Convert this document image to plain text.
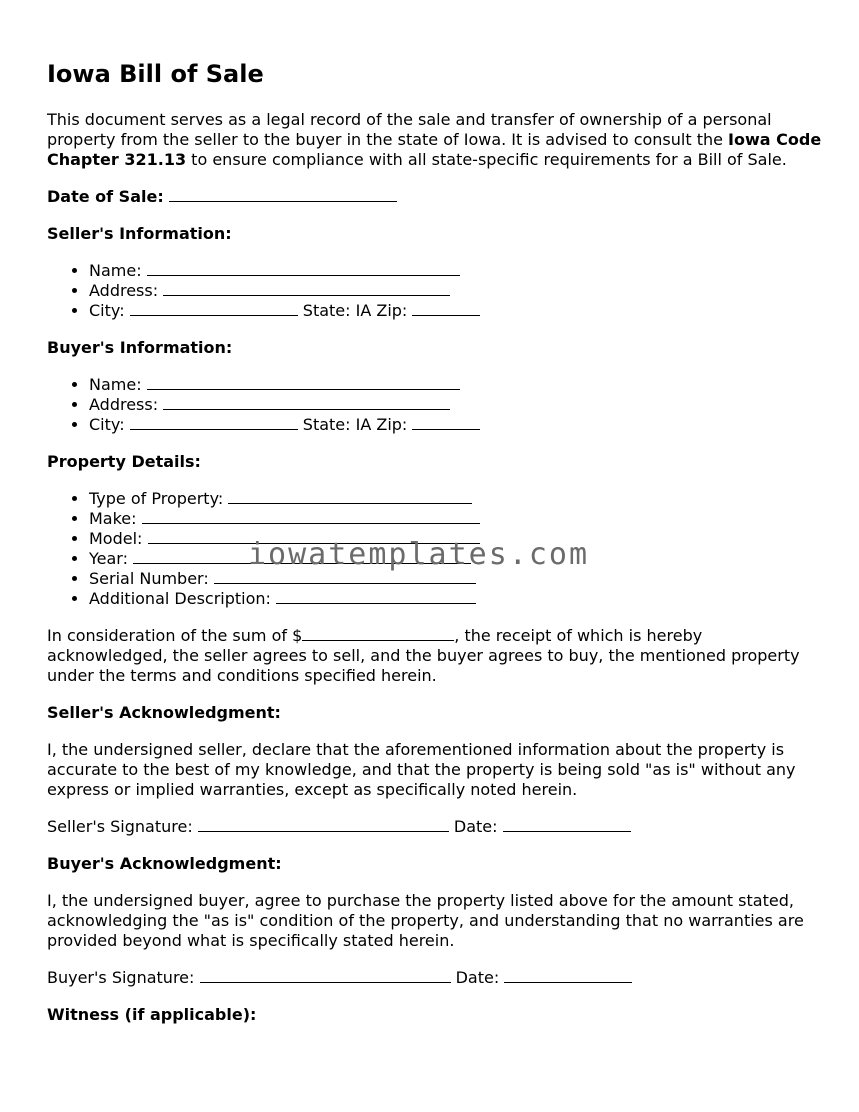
Iowa Bill of Sale

This document serves as a legal record of the sale and transfer of ownership of a personal property from the seller to the buyer in the state of Iowa. It is advised to consult the Iowa Code Chapter 321.13 to ensure compliance with all state-specific requirements for a Bill of Sale.

Date of Sale:

Seller's Information:

• Name:
• Address:
• City:	State: IA Zip:

Buyer's Information:

• Name:
• Address:
• City:	State: IA Zip:

Property Details:

• Type of Property:
• Make:
• Model:
• Year:
• Serial Number:
• Additional Description:

In consideration of the sum of $	, the receipt of which is hereby acknowledged, the seller agrees to sell, and the buyer agrees to buy, the mentioned property under the terms and conditions specified herein.

Seller's Acknowledgment:

I, the undersigned seller, declare that the aforementioned information about the property is accurate to the best of my knowledge, and that the property is being sold "as is" without any express or implied warranties, except as specifically noted herein.

Seller's Signature:	Date:

Buyer's Acknowledgment:

I, the undersigned buyer, agree to purchase the property listed above for the amount stated, acknowledging the "as is" condition of the property, and understanding that no warranties are provided beyond what is specifically stated herein.

Buyer's Signature:	Date:

Witness (if applicable):

iowatemplates.com
